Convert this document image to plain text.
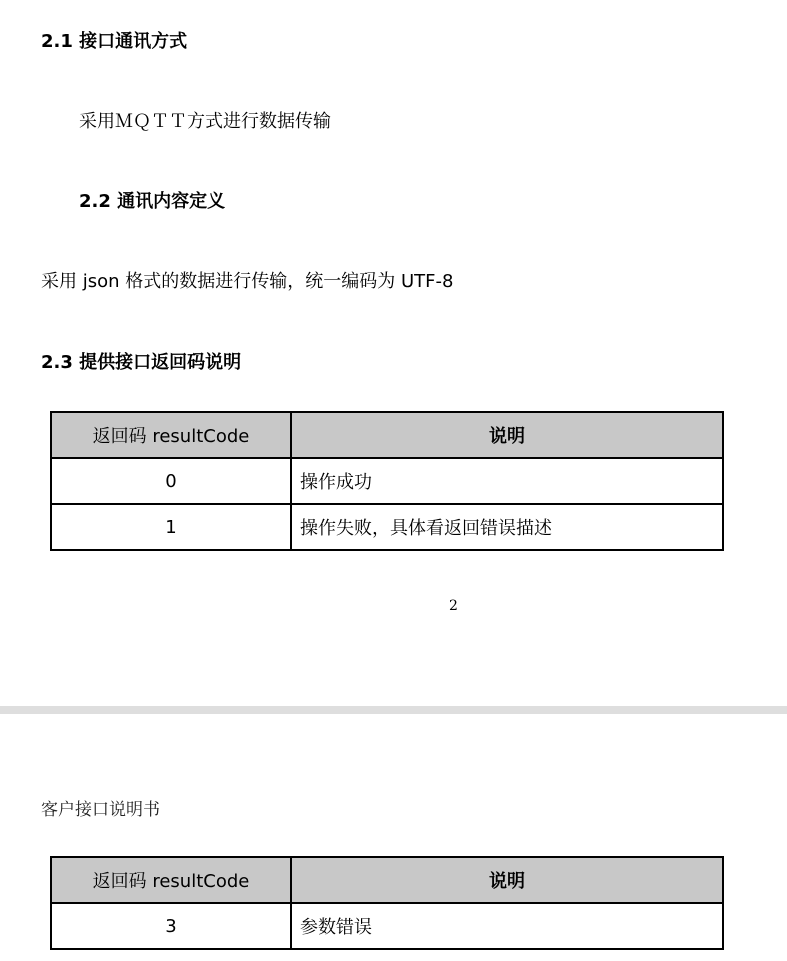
2.1 接口通讯方式
采用ＭＱＴＴ方式进行数据传输
2.2 通讯内容定义
采用 json 格式的数据进行传输，统一编码为 UTF-8
2.3 提供接口返回码说明
返回码 resultCode	说明
0	操作成功
1	操作失败，具体看返回错误描述
2
客户接口说明书
返回码 resultCode	说明
3	参数错误
